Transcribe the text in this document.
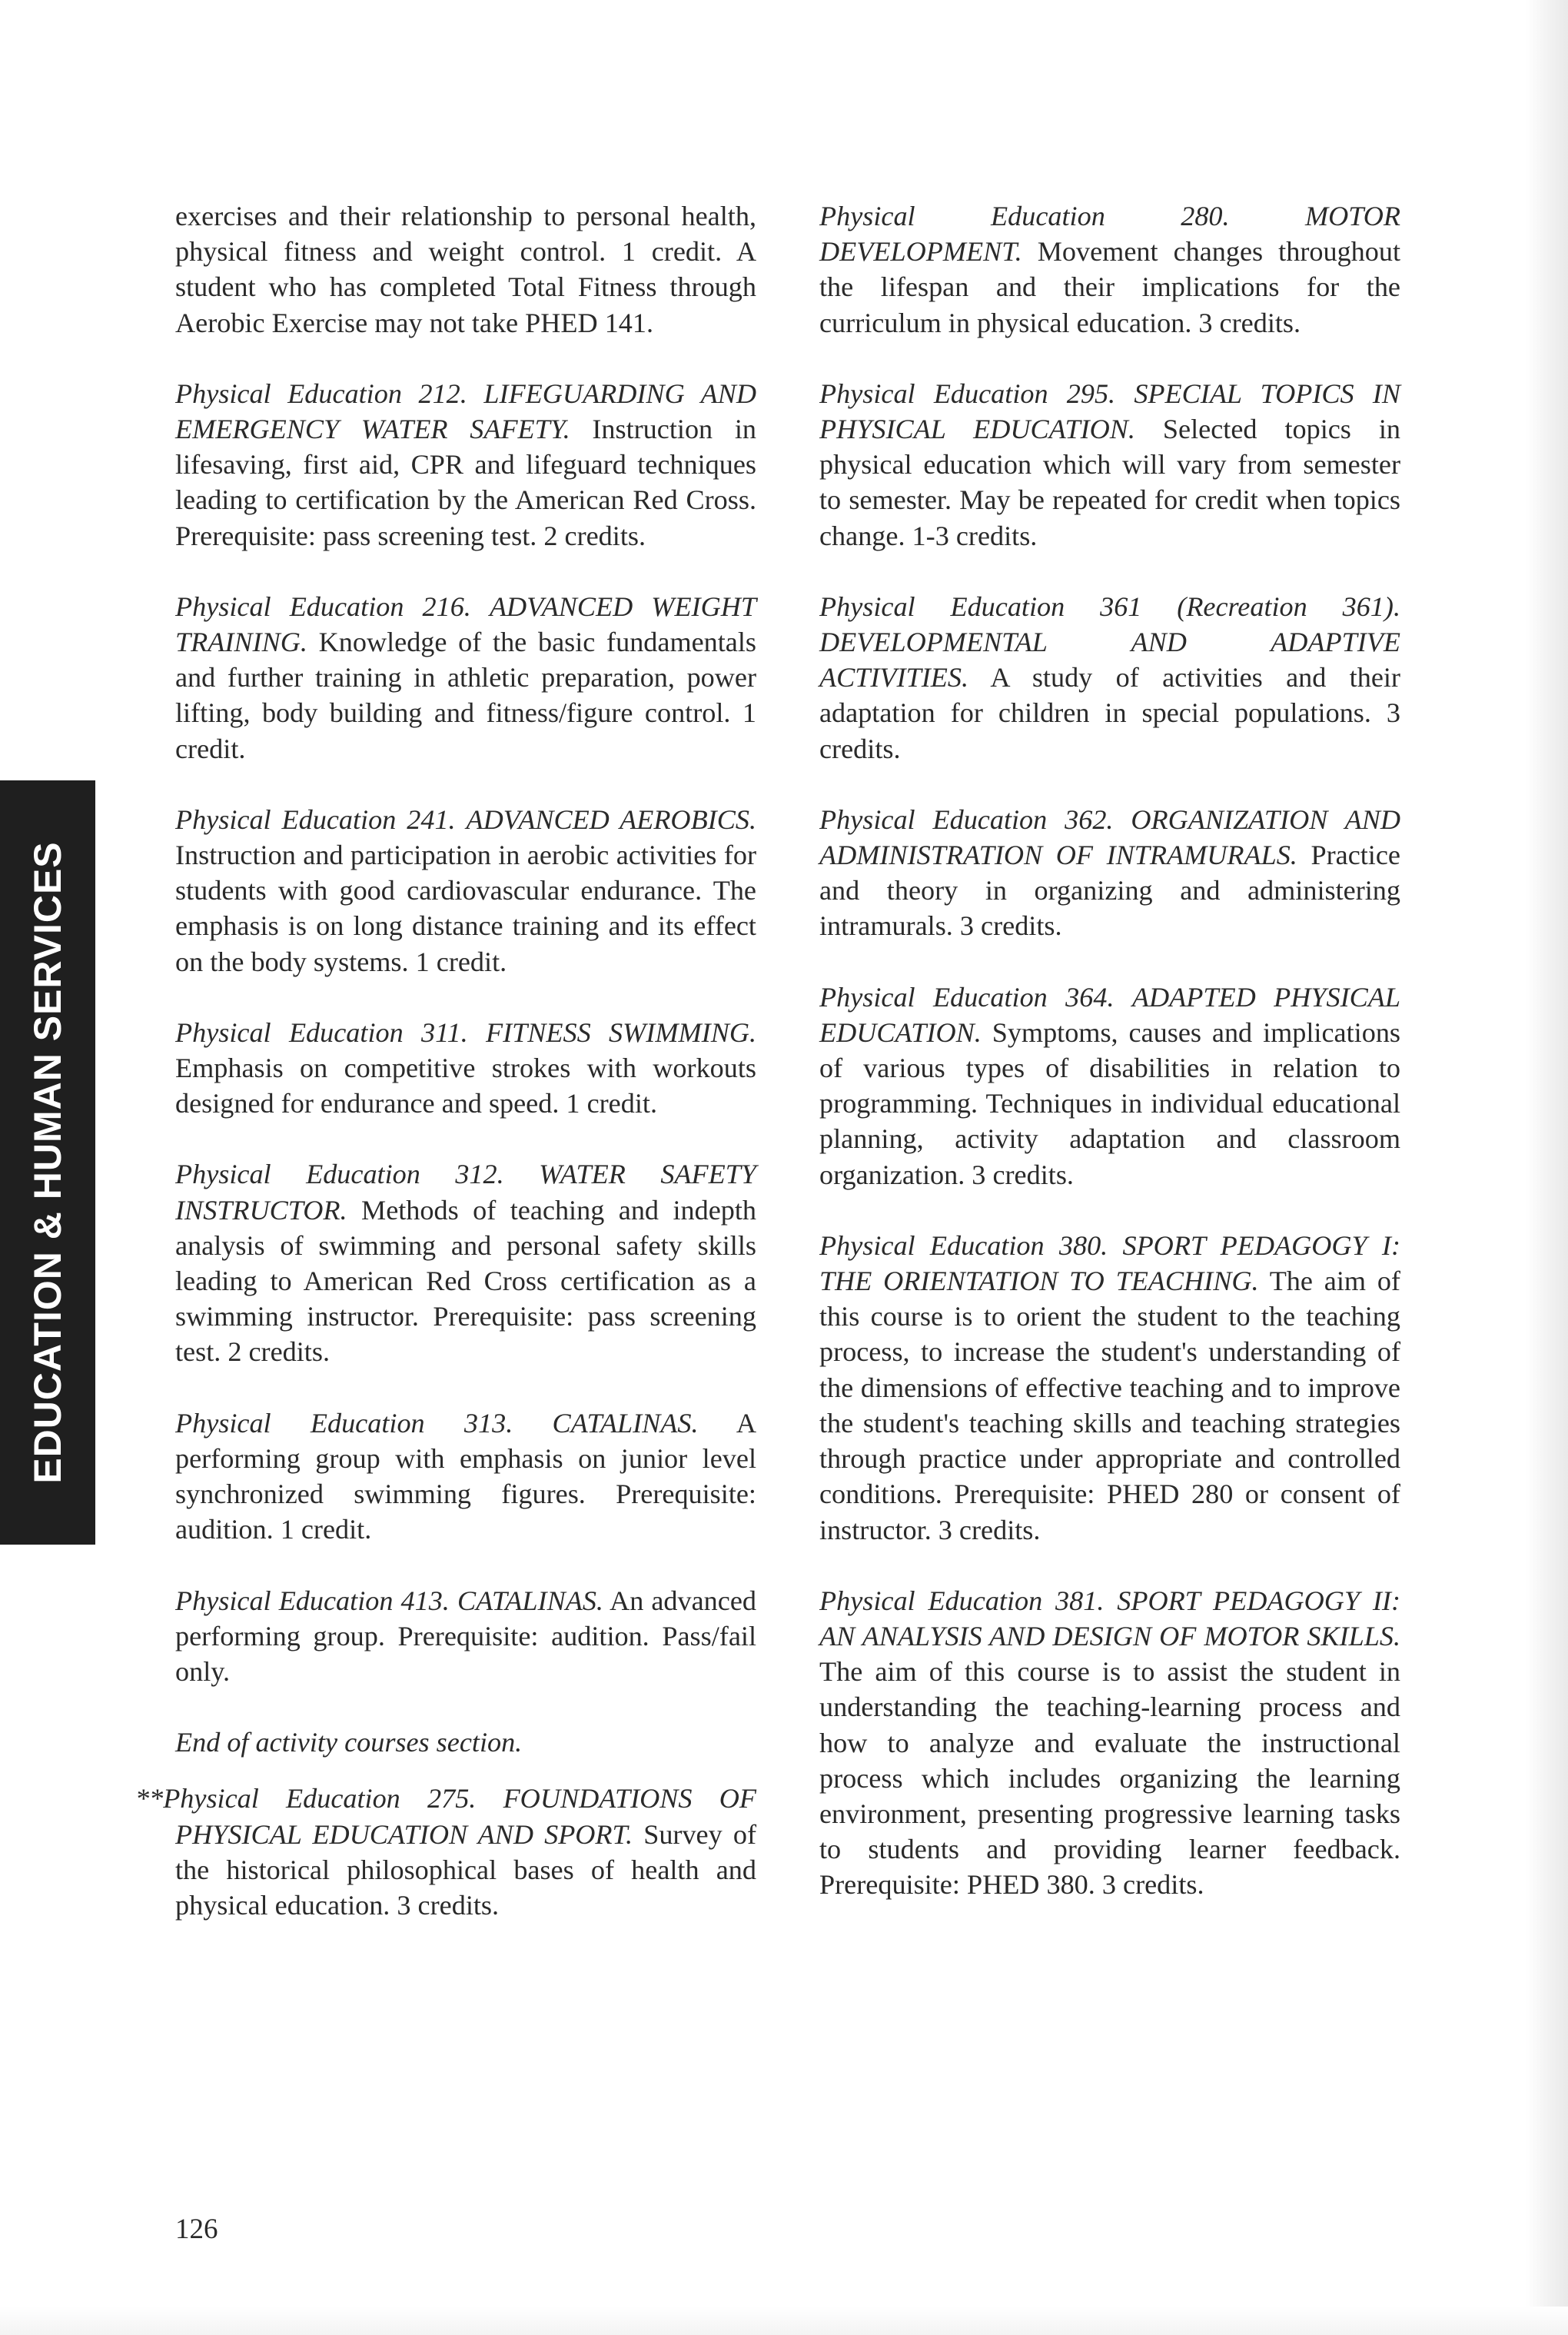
EDUCATION & HUMAN SERVICES

exercises and their relationship to personal health, physical fitness and weight control. 1 credit. A student who has completed Total Fitness through Aerobic Exercise may not take PHED 141.

Physical Education 212. LIFEGUARDING AND EMERGENCY WATER SAFETY. Instruction in lifesaving, first aid, CPR and lifeguard techniques leading to certification by the American Red Cross. Prerequisite: pass screening test. 2 credits.

Physical Education 216. ADVANCED WEIGHT TRAINING. Knowledge of the basic fundamentals and further training in athletic preparation, power lifting, body building and fitness/figure control. 1 credit.

Physical Education 241. ADVANCED AEROBICS. Instruction and participation in aerobic activities for students with good cardiovascular endurance. The emphasis is on long distance training and its effect on the body systems. 1 credit.

Physical Education 311. FITNESS SWIMMING. Emphasis on competitive strokes with workouts designed for endurance and speed. 1 credit.

Physical Education 312. WATER SAFETY INSTRUCTOR. Methods of teaching and indepth analysis of swimming and personal safety skills leading to American Red Cross certification as a swimming instructor. Prerequisite: pass screening test. 2 credits.

Physical Education 313. CATALINAS. A performing group with emphasis on junior level synchronized swimming figures. Prerequisite: audition. 1 credit.

Physical Education 413. CATALINAS. An advanced performing group. Prerequisite: audition. Pass/fail only.

End of activity courses section.

**Physical Education 275. FOUNDATIONS OF PHYSICAL EDUCATION AND SPORT. Survey of the historical philosophical bases of health and physical education. 3 credits.

Physical Education 280.	MOTOR DEVELOPMENT. Movement changes throughout the lifespan and their implications for the curriculum in physical education. 3 credits.

Physical Education 295. SPECIAL TOPICS IN PHYSICAL EDUCATION. Selected topics in physical education which will vary from semester to semester. May be repeated for credit when topics change. 1-3 credits.

Physical Education 361 (Recreation 361). DEVELOPMENTAL AND ADAPTIVE ACTIVITIES. A study of activities and their adaptation for children in special populations. 3 credits.

Physical Education 362. ORGANIZATION AND ADMINISTRATION OF INTRAMURALS. Practice and theory in organizing and administering intramurals. 3 credits.

Physical Education 364. ADAPTED PHYSICAL EDUCATION. Symptoms, causes and implications of various types of disabilities in relation to programming. Techniques in individual educational planning, activity adaptation and classroom organization. 3 credits.

Physical Education 380. SPORT PEDAGOGY I: THE ORIENTATION TO TEACHING. The aim of this course is to orient the student to the teaching process, to increase the student's understanding of the dimensions of effective teaching and to improve the student's teaching skills and teaching strategies through practice under appropriate and controlled conditions. Prerequisite: PHED 280 or consent of instructor. 3 credits.

Physical Education 381. SPORT PEDAGOGY II: AN ANALYSIS AND DESIGN OF MOTOR SKILLS. The aim of this course is to assist the student in understanding the teaching-learning process and how to analyze and evaluate the instructional process which includes organizing the learning environment, presenting progressive learning tasks to students and providing learner feedback. Prerequisite: PHED 380. 3 credits.

126
